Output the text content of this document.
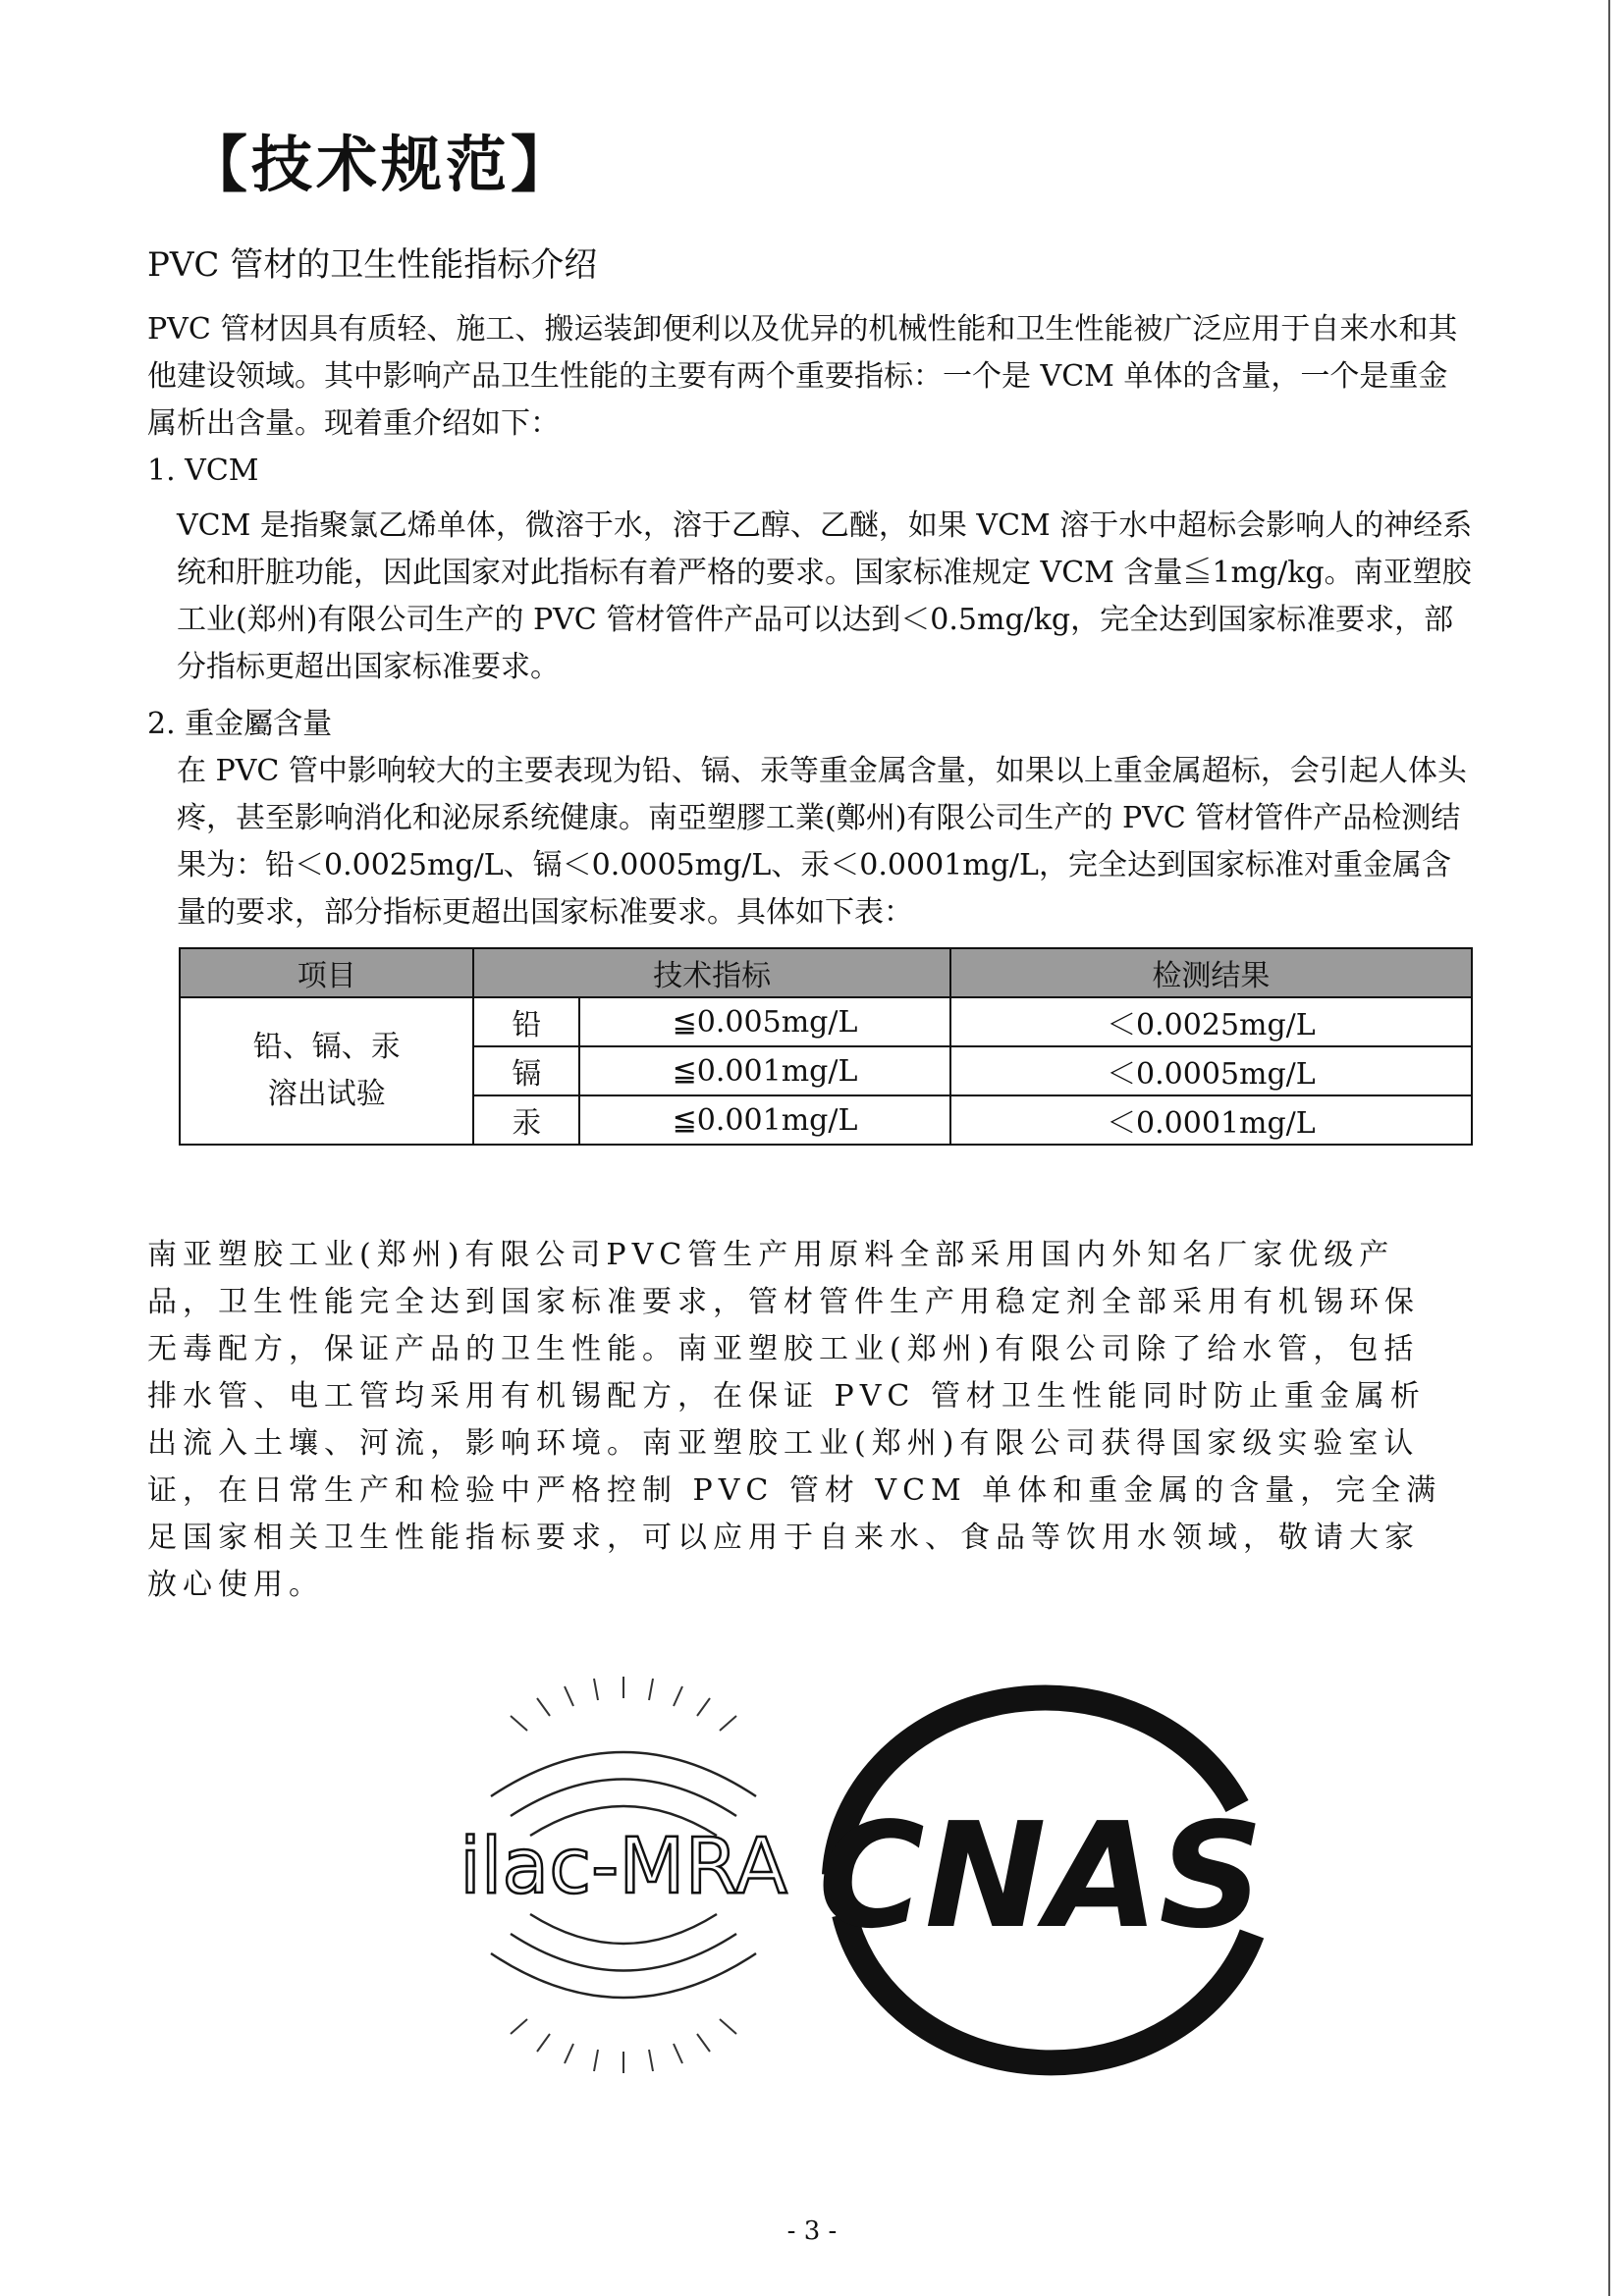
【技术规范】
PVC 管材的卫生性能指标介绍

PVC 管材因具有质轻、施工、搬运装卸便利以及优异的机械性能和卫生性能被广泛应用于自来水和其他建设领域。其中影响产品卫生性能的主要有两个重要指标：一个是 VCM 单体的含量，一个是重金属析出含量。现着重介绍如下：

1. VCM

VCM 是指聚氯乙烯单体，微溶于水，溶于乙醇、乙醚，如果 VCM 溶于水中超标会影响人的神经系统和肝脏功能，因此国家对此指标有着严格的要求。国家标准规定 VCM 含量≦1mg/kg。南亚塑胶工业(郑州)有限公司生产的 PVC 管材管件产品可以达到＜0.5mg/kg，完全达到国家标准要求，部分指标更超出国家标准要求。

2. 重金屬含量

在 PVC 管中影响较大的主要表现为铅、镉、汞等重金属含量，如果以上重金属超标，会引起人体头疼，甚至影响消化和泌尿系统健康。南亞塑膠工業(鄭州)有限公司生产的 PVC 管材管件产品检测结果为：铅＜0.0025mg/L、镉＜0.0005mg/L、汞＜0.0001mg/L，完全达到国家标准对重金属含量的要求，部分指标更超出国家标准要求。具体如下表：

项目	技术指标		检测结果

铅、镉、汞
溶出试验	铅	≦0.005mg/L	＜0.0025mg/L
	镉	≦0.001mg/L	＜0.0005mg/L
	汞	≦0.001mg/L	＜0.0001mg/L

南亚塑胶工业(郑州)有限公司PVC管生产用原料全部采用国内外知名厂家优级产品，卫生性能完全达到国家标准要求，管材管件生产用稳定剂全部采用有机锡环保无毒配方，保证产品的卫生性能。南亚塑胶工业(郑州)有限公司除了给水管，包括排水管、电工管均采用有机锡配方，在保证 PVC 管材卫生性能同时防止重金属析出流入土壤、河流，影响环境。南亚塑胶工业(郑州)有限公司获得国家级实验室认证，在日常生产和检验中严格控制 PVC 管材 VCM 单体和重金属的含量，完全满足国家相关卫生性能指标要求，可以应用于自来水、食品等饮用水领域，敬请大家放心使用。

ilac-MRA CNAS
- 3 -
